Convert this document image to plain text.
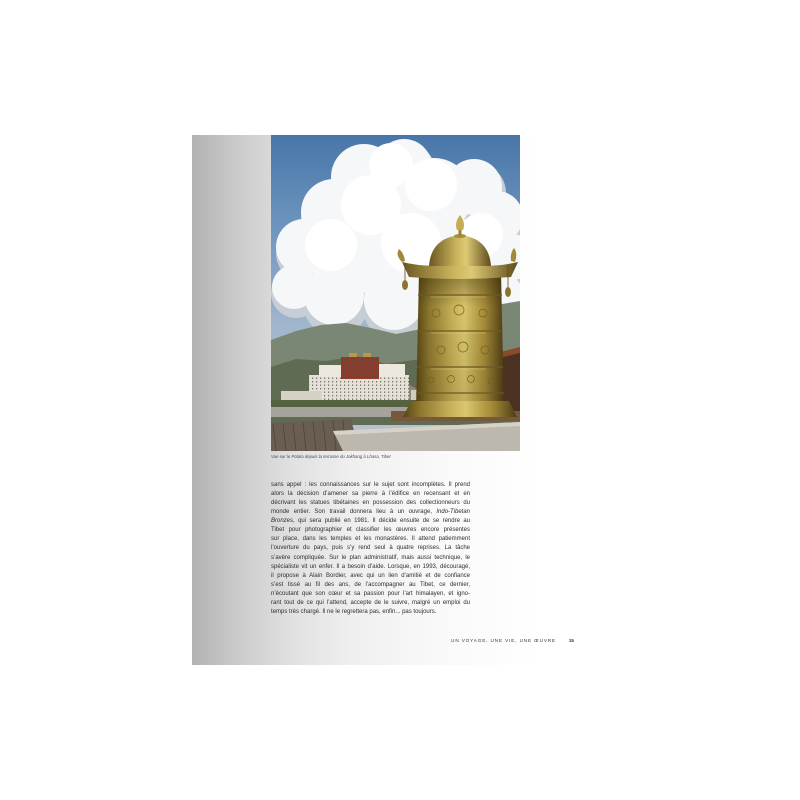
Vue sur le Potala depuis la terrasse du Jokhang à Lhasa, Tibet
sans appel : les connaissances sur le sujet sont incomplètes. Il prend
alors la décision d’amener sa pierre à l’édifice en recensant et en
décrivant les statues tibétaines en possession des collectionneurs du
monde entier. Son travail donnera lieu à un ouvrage, Indo-Tibetan
Bronzes, qui sera publié en 1981. Il décide ensuite de se rendre au
Tibet pour photographier et classifier les œuvres encore présentes
sur place, dans les temples et les monastères. Il attend patiemment
l’ouverture du pays, puis s’y rend seul à quatre reprises. La tâche
s’avère compliquée. Sur le plan administratif, mais aussi technique, le
spécialiste vit un enfer. Il a besoin d’aide. Lorsque, en 1993, découragé,
il propose à Alain Bordier, avec qui un lien d’amitié et de confiance
s’est tissé au fil des ans, de l’accompagner au Tibet, ce dernier,
n’écoutant que son cœur et sa passion pour l’art himalayen, et igno-
rant tout de ce qui l’attend, accepte de le suivre, malgré un emploi du
temps très chargé. Il ne le regrettera pas, enfin... pas toujours.
UN VOYAGE, UNE VIE, UNE ŒUVRE	15
